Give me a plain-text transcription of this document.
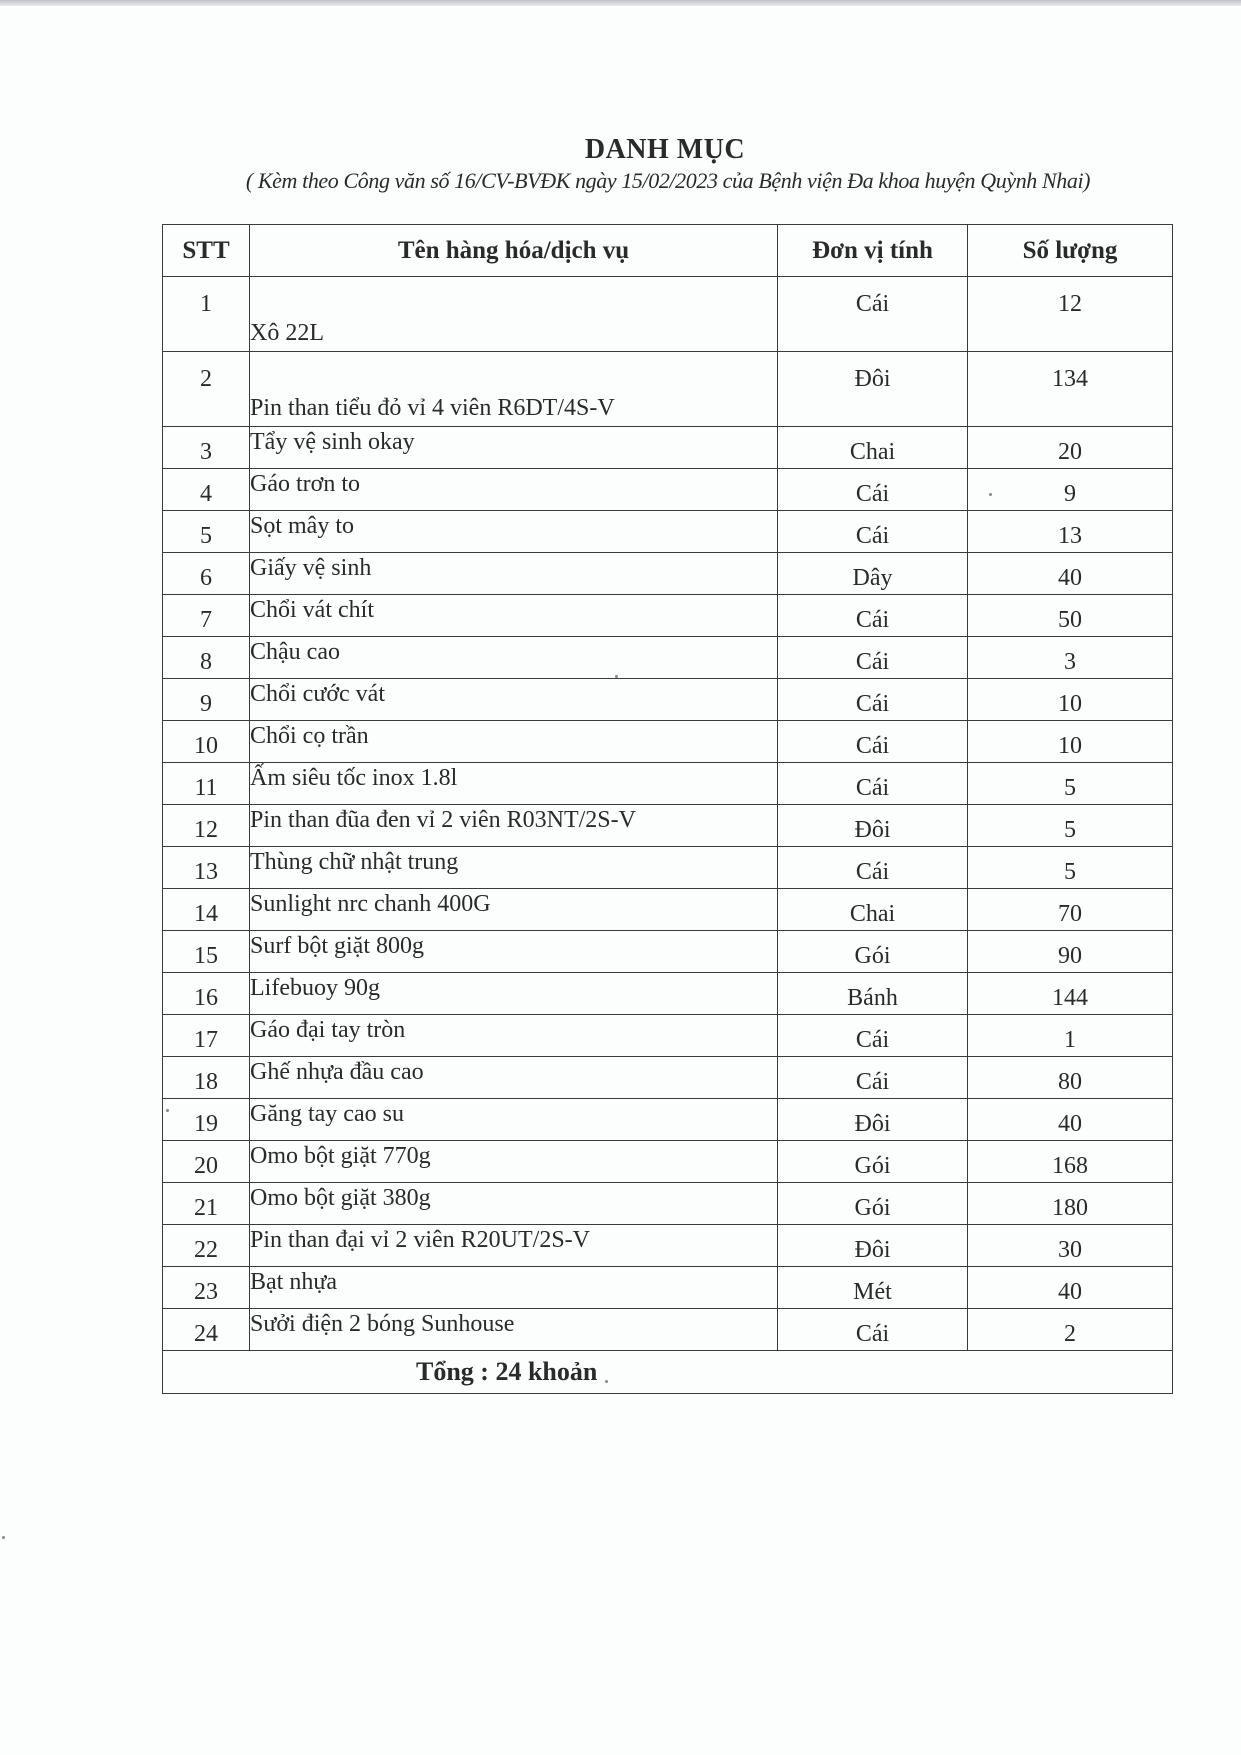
DANH MỤC
( Kèm theo Công văn số 16/CV-BVĐK ngày 15/02/2023 của Bệnh viện Đa khoa huyện Quỳnh Nhai)
STT	Tên hàng hóa/dịch vụ	Đơn vị tính	Số lượng
1	Xô 22L	Cái	12
2	Pin than tiểu đỏ vỉ 4 viên R6DT/4S-V	Đôi	134
3	Tẩy vệ sinh okay	Chai	20
4	Gáo trơn to	Cái	9
5	Sọt mây to	Cái	13
6	Giấy vệ sinh	Dây	40
7	Chổi vát chít	Cái	50
8	Chậu cao	Cái	3
9	Chổi cước vát	Cái	10
10	Chổi cọ trần	Cái	10
11	Ấm siêu tốc inox 1.8l	Cái	5
12	Pin than đũa đen vỉ 2 viên R03NT/2S-V	Đôi	5
13	Thùng chữ nhật trung	Cái	5
14	Sunlight nrc chanh 400G	Chai	70
15	Surf bột giặt 800g	Gói	90
16	Lifebuoy 90g	Bánh	144
17	Gáo đại tay tròn	Cái	1
18	Ghế nhựa đầu cao	Cái	80
19	Găng tay cao su	Đôi	40
20	Omo bột giặt 770g	Gói	168
21	Omo bột giặt 380g	Gói	180
22	Pin than đại vỉ 2 viên R20UT/2S-V	Đôi	30
23	Bạt nhựa	Mét	40
24	Sưởi điện 2 bóng Sunhouse	Cái	2
Tổng : 24 khoản			
